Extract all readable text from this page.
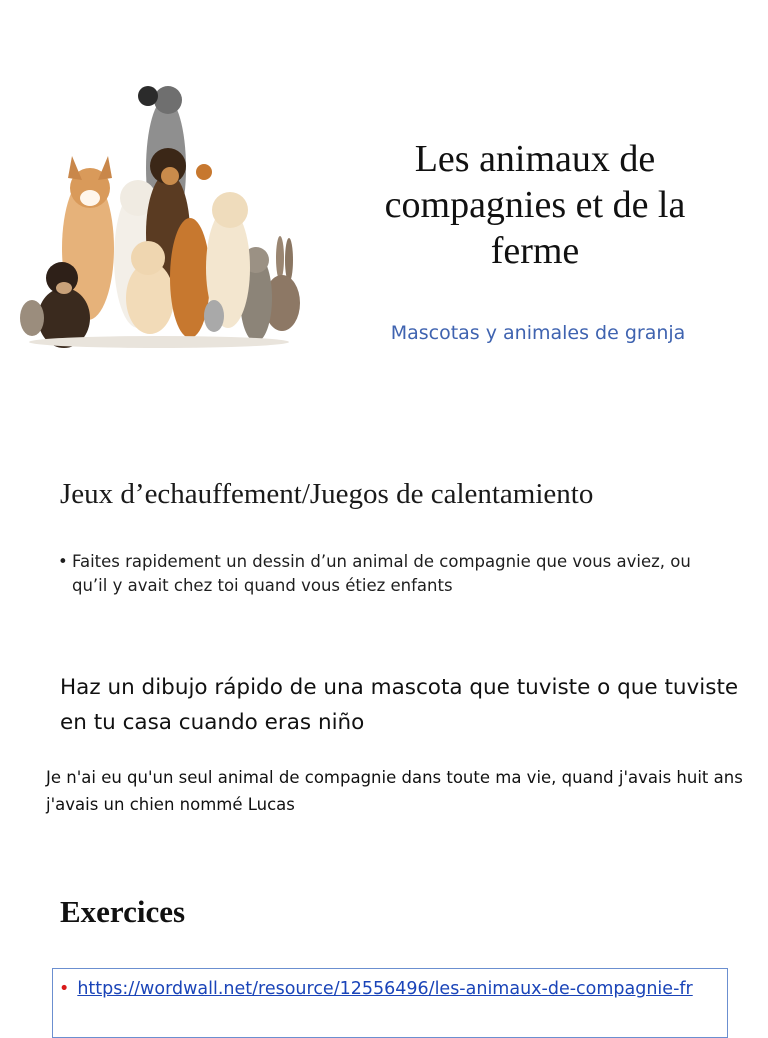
Les animaux de compagnies et de la ferme
Mascotas y animales de granja
Jeux d’echauffement/Juegos de calentamiento
• Faites rapidement un dessin d’un animal de compagnie que vous aviez, ou qu’il y avait chez toi quand vous étiez enfants
Haz un dibujo rápido de una mascota que tuviste o que tuviste en tu casa cuando eras niño
Je n'ai eu qu'un seul animal de compagnie dans toute ma vie, quand j'avais huit ans j'avais un chien nommé Lucas
Exercices
• https://wordwall.net/resource/12556496/les-animaux-de-compagnie-fr
